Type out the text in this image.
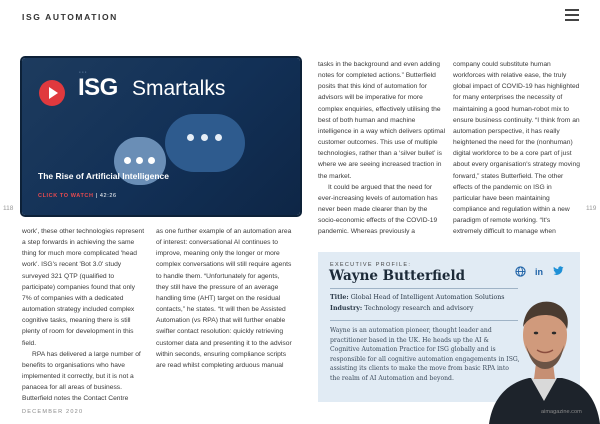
ISG AUTOMATION
118	119
∙∙∙
ISG Smartalks
The Rise of Artificial Intelligence
CLICK TO WATCH | 42:26

work', these other technologies represent a step forwards in achieving the same thing for much more complicated 'head work'. ISG's recent 'Bot 3.0' study surveyed 321 QTP (qualified to participate) companies found that only 7% of companies with a dedicated automation strategy included complex cognitive tasks, meaning there is still plenty of room for development in this field.

RPA has delivered a large number of benefits to organisations who have implemented it correctly, but it is not a panacea for all areas of business. Butterfield notes the Contact Centre

as one further example of an automation area of interest: conversational AI continues to improve, meaning only the longer or more complex conversations will still require agents to handle them. “Unfortunately for agents, they still have the pressure of an average handling time (AHT) target on the residual contacts,” he states. “It will then be Assisted Automation (vs RPA) that will further enable swifter contact resolution: quickly retrieving customer data and presenting it to the advisor within seconds, ensuring compliance scripts are read whilst completing arduous manual

tasks in the background and even adding notes for completed actions.” Butterfield posits that this kind of automation for advisors will be imperative for more complex enquiries, effectively utilising the best of both human and machine intelligence in a way which delivers optimal customer outcomes. This use of multiple technologies, rather than a ‘silver bullet’ is where we are seeing increased traction in the market.

It could be argued that the need for ever-increasing levels of automation has never been made clearer than by the socio-economic effects of the COVID-19 pandemic. Whereas previously a

company could substitute human workforces with relative ease, the truly global impact of COVID-19 has highlighted for many enterprises the necessity of maintaining a good human-robot mix to ensure business continuity. “I think from an automation perspective, it has really heightened the need for the (nonhuman) digital workforce to be a core part of just about every organisation's strategy moving forward,” states Butterfield. The other effects of the pandemic on ISG in particular have been maintaining compliance and regulation within a new paradigm of remote working. “It's extremely difficult to manage when

EXECUTIVE PROFILE:
Wayne Butterfield	in
Title: Global Head of Intelligent Automation Solutions
Industry: Technology research and advisory
Wayne is an automation pioneer, thought leader and practitioner based in the UK. He heads up the AI & Cognitive Automation Practice for ISG globally and is responsible for all cognitive automation engagements in ISG, assisting its clients to make the move from basic RPA into the realm of AI Automation and beyond.
DECEMBER 2020	aimagazine.com
